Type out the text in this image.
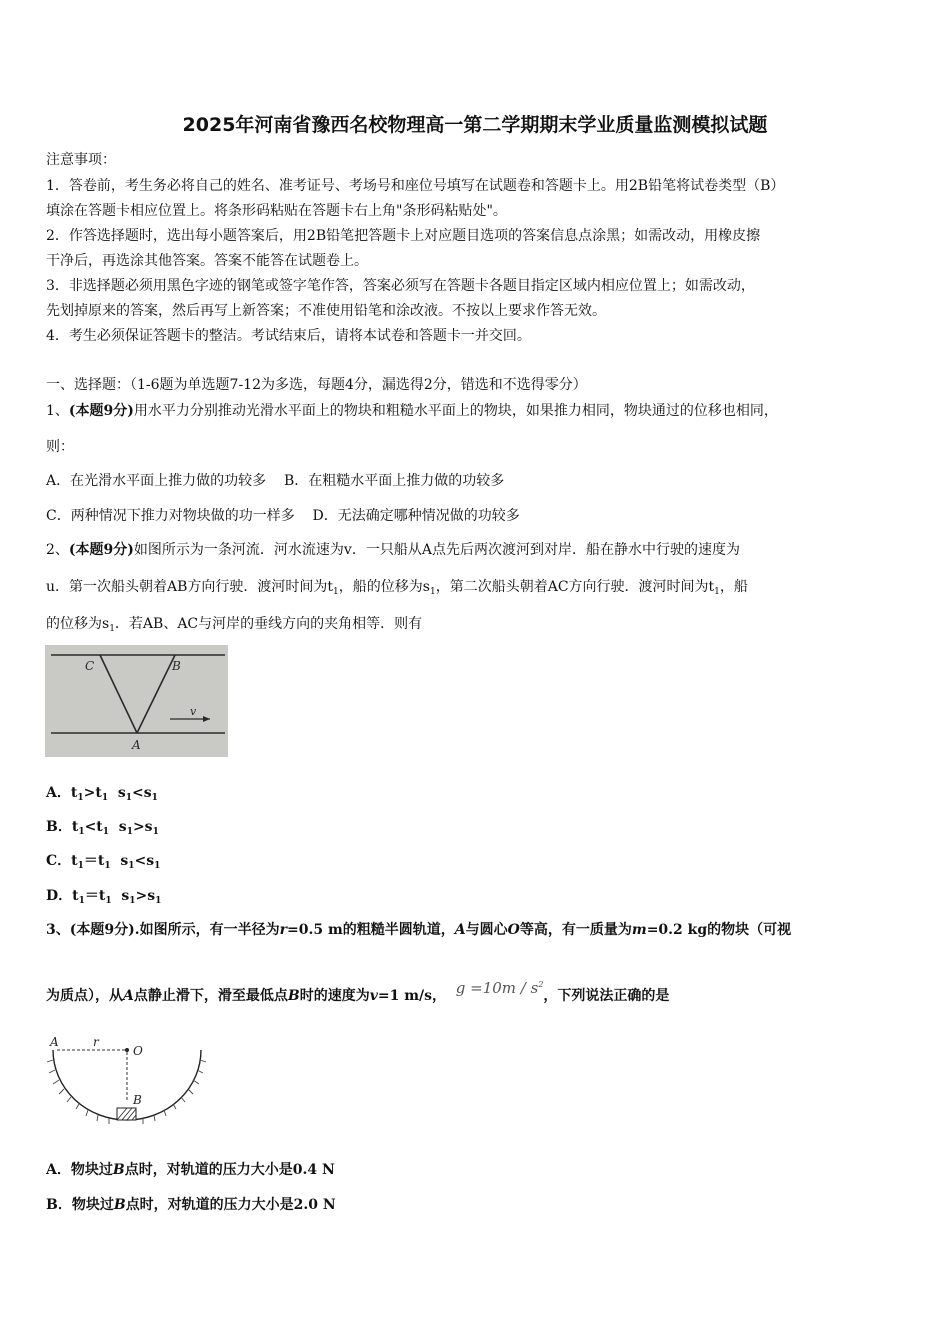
2025年河南省豫西名校物理高一第二学期期末学业质量监测模拟试题
注意事项：
1．答卷前，考生务必将自己的姓名、准考证号、考场号和座位号填写在试题卷和答题卡上。用2B铅笔将试卷类型（B）
填涂在答题卡相应位置上。将条形码粘贴在答题卡右上角"条形码粘贴处"。
2．作答选择题时，选出每小题答案后，用2B铅笔把答题卡上对应题目选项的答案信息点涂黑；如需改动，用橡皮擦
干净后，再选涂其他答案。答案不能答在试题卷上。
3．非选择题必须用黑色字迹的钢笔或签字笔作答，答案必须写在答题卡各题目指定区域内相应位置上；如需改动，
先划掉原来的答案，然后再写上新答案；不准使用铅笔和涂改液。不按以上要求作答无效。
4．考生必须保证答题卡的整洁。考试结束后，请将本试卷和答题卡一并交回。
一、选择题：（1-6题为单选题7-12为多选，每题4分，漏选得2分，错选和不选得零分）
1、(本题9分)用水平力分别推动光滑水平面上的物块和粗糙水平面上的物块，如果推力相同，物块通过的位移也相同，
则：
A．在光滑水平面上推力做的功较多 B．在粗糙水平面上推力做的功较多
C．两种情况下推力对物块做的功一样多 D．无法确定哪种情况做的功较多
2、(本题9分)如图所示为一条河流．河水流速为v．一只船从A点先后两次渡河到对岸．船在静水中行驶的速度为
u．第一次船头朝着AB方向行驶．渡河时间为$t_1$，船的位移为$s_1$，第二次船头朝着AC方向行驶．渡河时间为$t_1$，船
的位移为$s_1$．若AB、AC与河岸的垂线方向的夹角相等．则有
C	B
A
v
A．$t_1>t_1$  $s_1<s_1$
B．$t_1<t_1$  $s_1>s_1$
C．$t_1=t_1$  $s_1<s_1$
D．$t_1=t_1$  $s_1>s_1$
3、(本题9分).如图所示，有一半径为r=0.5 m的粗糙半圆轨道，A与圆心O等高，有一质量为m=0.2 kg的物块（可视
为质点），从A点静止滑下，滑至最低点B时的速度为v=1 m/s， $g =10m / s^2$，下列说法正确的是
A	r
O
B
A．物块过B点时，对轨道的压力大小是0.4 N
B．物块过B点时，对轨道的压力大小是2.0 N
